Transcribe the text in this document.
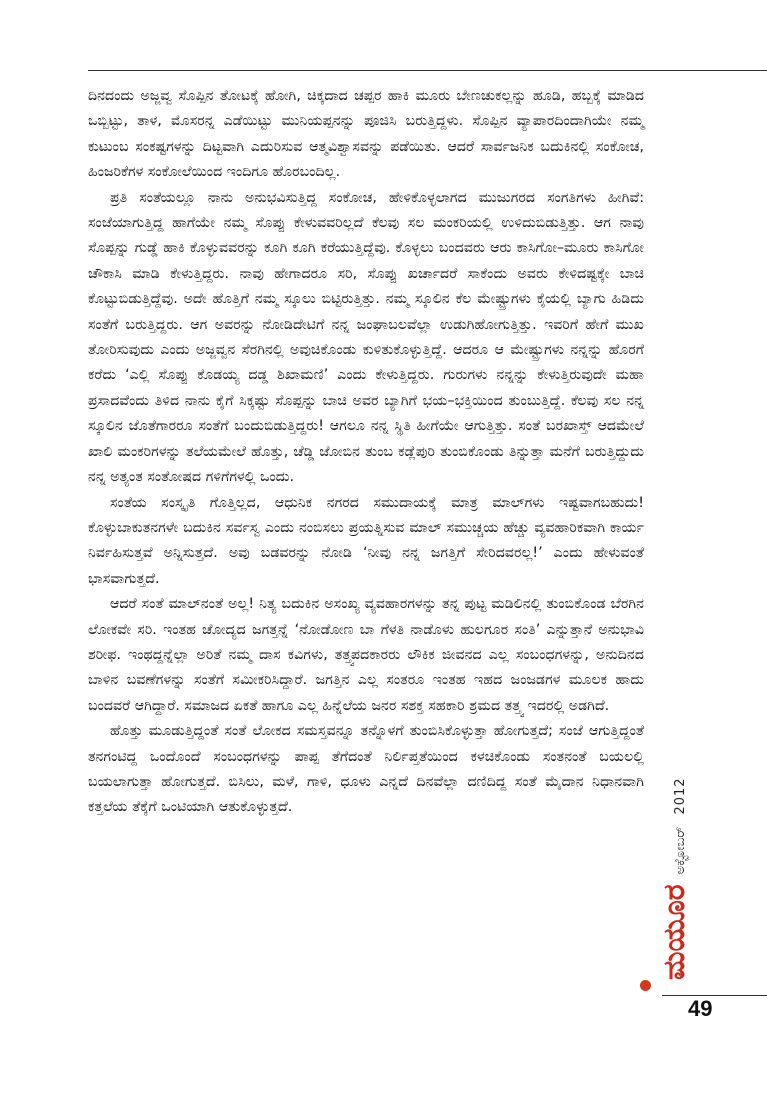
ದಿನದಂದು ಅಜ್ಜವ್ವ ಸೊಪ್ಪಿನ ತೋಟಕ್ಕೆ ಹೋಗಿ, ಚಿಕ್ಕದಾದ ಚಪ್ಪರ ಹಾಕಿ ಮೂರು ಬೇಣಚುಕಲ್ಲನ್ನು ಹೂಡಿ, ಹಬ್ಬಕ್ಕೆ ಮಾಡಿದ ಒಬ್ಬಿಟ್ಟು, ತಾಳ, ಮೊಸರನ್ನ ಎಡೆಯಿಟ್ಟು ಮುನಿಯಪ್ಪನನ್ನು ಪೂಜಿಸಿ ಬರುತ್ತಿದ್ದಳು. ಸೊಪ್ಪಿನ ವ್ಯಾಪಾರದಿಂದಾಗಿಯೇ ನಮ್ಮ ಕುಟುಂಬ ಸಂಕಷ್ಟಗಳನ್ನು ದಿಟ್ಟವಾಗಿ ಎದುರಿಸುವ ಆತ್ಮವಿಶ್ವಾಸವನ್ನು ಪಡೆಯಿತು. ಆದರೆ ಸಾರ್ವಜನಿಕ ಬದುಕಿನಲ್ಲಿ ಸಂಕೋಚ, ಹಿಂಜರಿಕೆಗಳ ಸಂಕೋಲೆಯಿಂದ ಇಂದಿಗೂ ಹೊರಬಂದಿಲ್ಲ.

ಪ್ರತಿ ಸಂತೆಯಲ್ಲೂ ನಾನು ಅನುಭವಿಸುತ್ತಿದ್ದ ಸಂಕೋಚ, ಹೇಳಿಕೊಳ್ಳಲಾಗದ ಮುಜುಗರದ ಸಂಗತಿಗಳು ಹೀಗಿವೆ: ಸಂಜೆಯಾಗುತ್ತಿದ್ದ ಹಾಗೆಯೇ ನಮ್ಮ ಸೊಪ್ಪು ಕೇಳುವವರಿಲ್ಲದೆ ಕೆಲವು ಸಲ ಮಂಕರಿಯಲ್ಲಿ ಉಳಿದುಬಿಡುತ್ತಿತ್ತು. ಆಗ ನಾವು ಸೊಪ್ಪನ್ನು ಗುಡ್ಡೆ ಹಾಕಿ ಕೊಳ್ಳುವವರನ್ನು ಕೂಗಿ ಕೂಗಿ ಕರೆಯುತ್ತಿದ್ದೆವು. ಕೊಳ್ಳಲು ಬಂದವರು ಆರು ಕಾಸಿಗೋ–ಮೂರು ಕಾಸಿಗೋ ಚೌಕಾಸಿ ಮಾಡಿ ಕೇಳುತ್ತಿದ್ದರು. ನಾವು ಹೇಗಾದರೂ ಸರಿ, ಸೊಪ್ಪು ಖರ್ಚಾದರೆ ಸಾಕೆಂದು ಅವರು ಕೇಳಿದಷ್ಟಕ್ಕೇ ಬಾಚಿ ಕೊಟ್ಟುಬಿಡುತ್ತಿದ್ದೆವು. ಅದೇ ಹೊತ್ತಿಗೆ ನಮ್ಮ ಸ್ಕೂಲು ಬಿಟ್ಟಿರುತ್ತಿತ್ತು. ನಮ್ಮ ಸ್ಕೂಲಿನ ಕೆಲ ಮೇಷ್ಟ್ರುಗಳು ಕೈಯಲ್ಲಿ ಬ್ಯಾಗು ಹಿಡಿದು ಸಂತೆಗೆ ಬರುತ್ತಿದ್ದರು. ಆಗ ಅವರನ್ನು ನೋಡಿದೇಟಿಗೆ ನನ್ನ ಜಂಘಾಬಲವೆಲ್ಲಾ ಉಡುಗಿಹೋಗುತ್ತಿತ್ತು. ಇವರಿಗೆ ಹೇಗೆ ಮುಖ ತೋರಿಸುವುದು ಎಂದು ಅಜ್ಜವ್ವನ ಸೆರಗಿನಲ್ಲಿ ಅವುಚಿಕೊಂಡು ಕುಳಿತುಕೊಳ್ಳುತ್ತಿದ್ದೆ. ಆದರೂ ಆ ಮೇಷ್ಟ್ರುಗಳು ನನ್ನನ್ನು ಹೊರಗೆ ಕರೆದು ‘ಎಲ್ಲಿ ಸೊಪ್ಪು ಕೊಡಯ್ಯ ದಡ್ಡ ಶಿಖಾಮಣಿ’ ಎಂದು ಕೇಳುತ್ತಿದ್ದರು. ಗುರುಗಳು ನನ್ನನ್ನು ಕೇಳುತ್ತಿರುವುದೇ ಮಹಾ ಪ್ರಸಾದವೆಂದು ತಿಳಿದ ನಾನು ಕೈಗೆ ಸಿಕ್ಕಷ್ಟು ಸೊಪ್ಪನ್ನು ಬಾಚಿ ಅವರ ಬ್ಯಾಗಿಗೆ ಭಯ–ಭಕ್ತಿಯಿಂದ ತುಂಬುತ್ತಿದ್ದೆ. ಕೆಲವು ಸಲ ನನ್ನ ಸ್ಕೂಲಿನ ಜೊತೆಗಾರರೂ ಸಂತೆಗೆ ಬಂದುಬಿಡುತ್ತಿದ್ದರು! ಆಗಲೂ ನನ್ನ ಸ್ಥಿತಿ ಹೀಗೆಯೇ ಆಗುತ್ತಿತ್ತು. ಸಂತೆ ಬರಖಾಸ್ತ್ ಆದಮೇಲೆ ಖಾಲಿ ಮಂಕರಿಗಳನ್ನು ತಲೆಯಮೇಲೆ ಹೊತ್ತು, ಚೆಡ್ಡಿ ಜೋಬಿನ ತುಂಬ ಕಡ್ಲೆಪುರಿ ತುಂಬಿಕೊಂಡು ತಿನ್ನುತ್ತಾ ಮನೆಗೆ ಬರುತ್ತಿದ್ದುದು ನನ್ನ ಅತ್ಯಂತ ಸಂತೋಷದ ಗಳಿಗೆಗಳಲ್ಲಿ ಒಂದು.

ಸಂತೆಯ ಸಂಸ್ಕೃತಿ ಗೊತ್ತಿಲ್ಲದ, ಆಧುನಿಕ ನಗರದ ಸಮುದಾಯಕ್ಕೆ ಮಾತ್ರ ಮಾಲ್‌ಗಳು ಇಷ್ಟವಾಗಬಹುದು! ಕೊಳ್ಳುಬಾಕುತನಗಳೇ ಬದುಕಿನ ಸರ್ವಸ್ವ ಎಂದು ನಂಬಿಸಲು ಪ್ರಯತ್ನಿಸುವ ಮಾಲ್ ಸಮುಚ್ಚಯ ಹೆಚ್ಚು ವ್ಯವಹಾರಿಕವಾಗಿ ಕಾರ್ಯ ನಿರ್ವಹಿಸುತ್ತವೆ ಅನ್ನಿಸುತ್ತದೆ. ಅವು ಬಡವರನ್ನು ನೋಡಿ ‘ನೀವು ನನ್ನ ಜಗತ್ತಿಗೆ ಸೇರಿದವರಲ್ಲ!’ ಎಂದು ಹೇಳುವಂತೆ ಭಾಸವಾಗುತ್ತದೆ.

ಆದರೆ ಸಂತೆ ಮಾಲ್‌ನಂತೆ ಅಲ್ಲ! ನಿತ್ಯ ಬದುಕಿನ ಅಸಂಖ್ಯ ವ್ಯವಹಾರಗಳನ್ನು ತನ್ನ ಪುಟ್ಟ ಮಡಿಲಿನಲ್ಲಿ ತುಂಬಿಕೊಂಡ ಬೆರಗಿನ ಲೋಕವೇ ಸರಿ. ಇಂತಹ ಚೋದ್ಯದ ಜಗತ್ತನ್ನೆ ‘ನೋಡೋಣ ಬಾ ಗೆಳತಿ ನಾಡೊಳು ಹುಲಗೂರ ಸಂತಿ’ ಎನ್ನುತ್ತಾನೆ ಅನುಭಾವಿ ಶರೀಫ. ಇಂಥದ್ದನ್ನೆಲ್ಲಾ ಅರಿತೆ ನಮ್ಮ ದಾಸ ಕವಿಗಳು, ತತ್ತ್ವಪದಕಾರರು ಲೌಕಿಕ ಜೀವನದ ಎಲ್ಲ ಸಂಬಂಧಗಳನ್ನು, ಅನುದಿನದ ಬಾಳಿನ ಬವಣೆಗಳನ್ನು ಸಂತೆಗೆ ಸಮೀಕರಿಸಿದ್ದಾರೆ. ಜಗತ್ತಿನ ಎಲ್ಲ ಸಂತರೂ ಇಂತಹ ಇಹದ ಜಂಜಡಗಳ ಮೂಲಕ ಹಾದು ಬಂದವರೆ ಆಗಿದ್ದಾರೆ. ಸಮಾಜದ ಏಕತೆ ಹಾಗೂ ಎಲ್ಲ ಹಿನ್ನೆಲೆಯ ಜನರ ಸಶಕ್ತ ಸಹಕಾರಿ ಶ್ರಮದ ತತ್ತ್ವ ಇದರಲ್ಲಿ ಅಡಗಿದೆ.

ಹೊತ್ತು ಮೂಡುತ್ತಿದ್ದಂತೆ ಸಂತೆ ಲೋಕದ ಸಮಸ್ತವನ್ನೂ ತನ್ನೊಳಗೆ ತುಂಬಿಸಿಕೊಳ್ಳುತ್ತಾ ಹೋಗುತ್ತದೆ; ಸಂಜೆ ಆಗುತ್ತಿದ್ದಂತೆ ತನಗಂಟಿದ್ದ ಒಂದೊಂದೆ ಸಂಬಂಧಗಳನ್ನು ಪಾಪ್ಪ ತೆಗೆದಂತೆ ನಿರ್ಲಿಪ್ತತೆಯಿಂದ ಕಳಚಿಕೊಂಡು ಸಂತನಂತೆ ಬಯಲಲ್ಲಿ ಬಯಲಾಗುತ್ತಾ ಹೋಗುತ್ತದೆ. ಬಿಸಿಲು, ಮಳೆ, ಗಾಳಿ, ಧೂಳು ಎನ್ನದೆ ದಿನವೆಲ್ಲಾ ದಣಿದಿದ್ದ ಸಂತೆ ಮೈದಾನ ನಿಧಾನವಾಗಿ ಕತ್ತಲೆಯ ತೆಕ್ಕೆಗೆ ಒಂಟಿಯಾಗಿ ಆತುಕೊಳ್ಳುತ್ತದೆ.

ಮಯೂರ
ಅಕ್ಟೋಬರ್
2012
49
